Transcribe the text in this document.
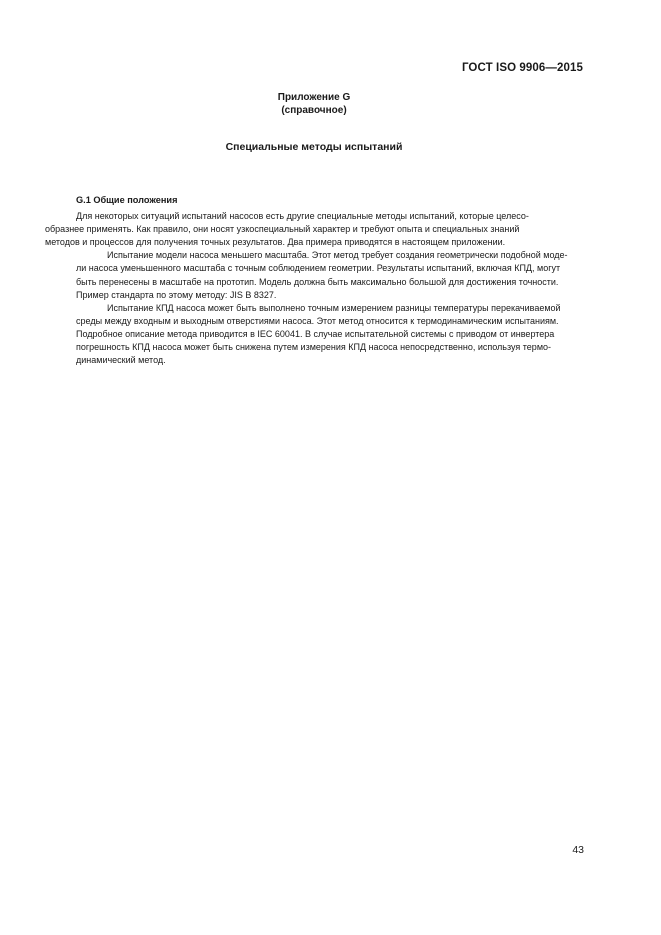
ГОСТ ISO 9906—2015
Приложение G
(справочное)
Специальные методы испытаний
G.1 Общие положения
Для некоторых ситуаций испытаний насосов есть другие специальные методы испытаний, которые целесо-
образнее применять. Как правило, они носят узкоспециальный характер и требуют опыта и специальных знаний
методов и процессов для получения точных результатов. Два примера приводятся в настоящем приложении.
Испытание модели насоса меньшего масштаба. Этот метод требует создания геометрически подобной моде-
ли насоса уменьшенного масштаба с точным соблюдением геометрии. Результаты испытаний, включая КПД, могут
быть перенесены в масштабе на прототип. Модель должна быть максимально большой для достижения точности.
Пример стандарта по этому методу: JIS B 8327.
Испытание КПД насоса может быть выполнено точным измерением разницы температуры перекачиваемой
среды между входным и выходным отверстиями насоса. Этот метод относится к термодинамическим испытаниям.
Подробное описание метода приводится в IEC 60041. В случае испытательной системы с приводом от инвертера
погрешность КПД насоса может быть снижена путем измерения КПД насоса непосредственно, используя термо-
динамический метод.
43
